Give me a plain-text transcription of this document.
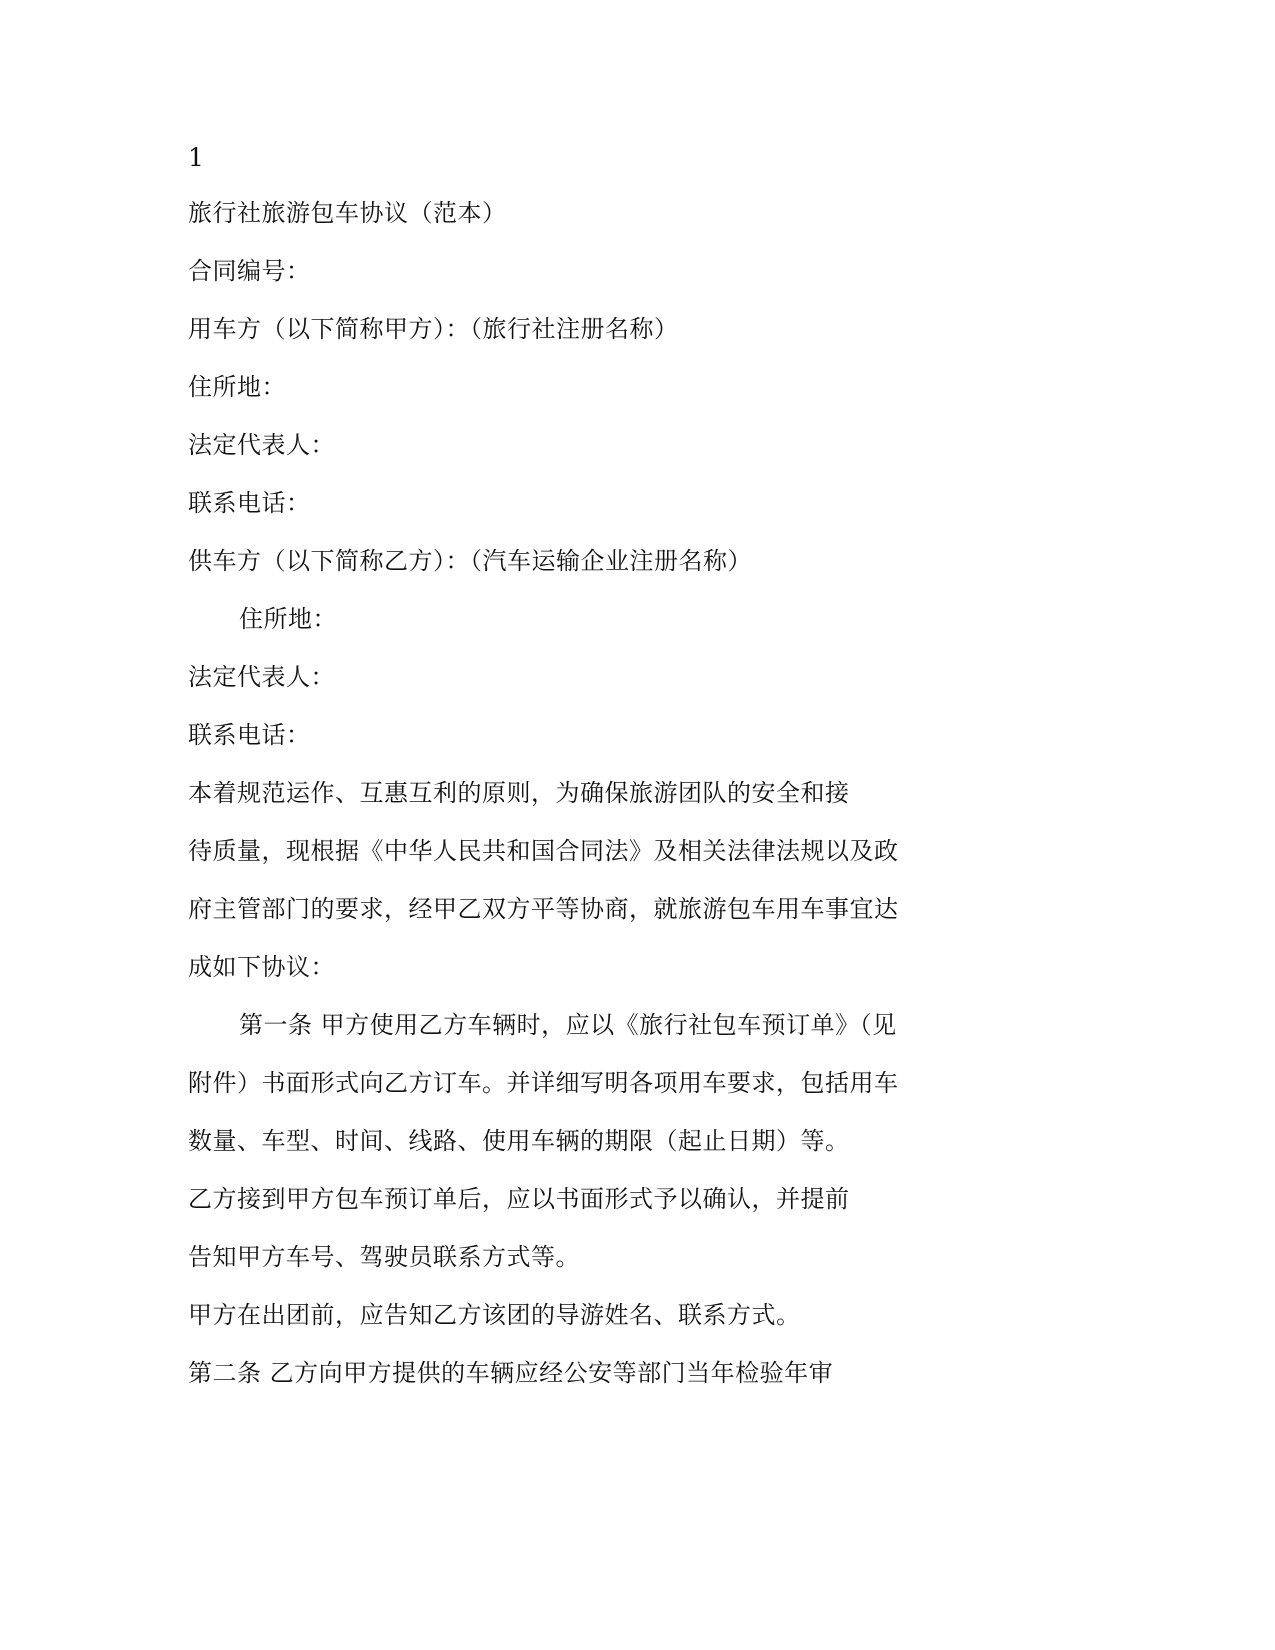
1
旅行社旅游包车协议（范本）
合同编号：
用车方（以下简称甲方）：（旅行社注册名称）
住所地：
法定代表人：
联系电话：
供车方（以下简称乙方）：（汽车运输企业注册名称）
住所地：
法定代表人：
联系电话：
本着规范运作、互惠互利的原则，为确保旅游团队的安全和接
待质量，现根据《中华人民共和国合同法》及相关法律法规以及政
府主管部门的要求，经甲乙双方平等协商，就旅游包车用车事宜达
成如下协议：
第一条 甲方使用乙方车辆时，应以《旅行社包车预订单》（见
附件）书面形式向乙方订车。并详细写明各项用车要求，包括用车
数量、车型、时间、线路、使用车辆的期限（起止日期）等。
乙方接到甲方包车预订单后，应以书面形式予以确认，并提前
告知甲方车号、驾驶员联系方式等。
甲方在出团前，应告知乙方该团的导游姓名、联系方式。
第二条 乙方向甲方提供的车辆应经公安等部门当年检验年审
